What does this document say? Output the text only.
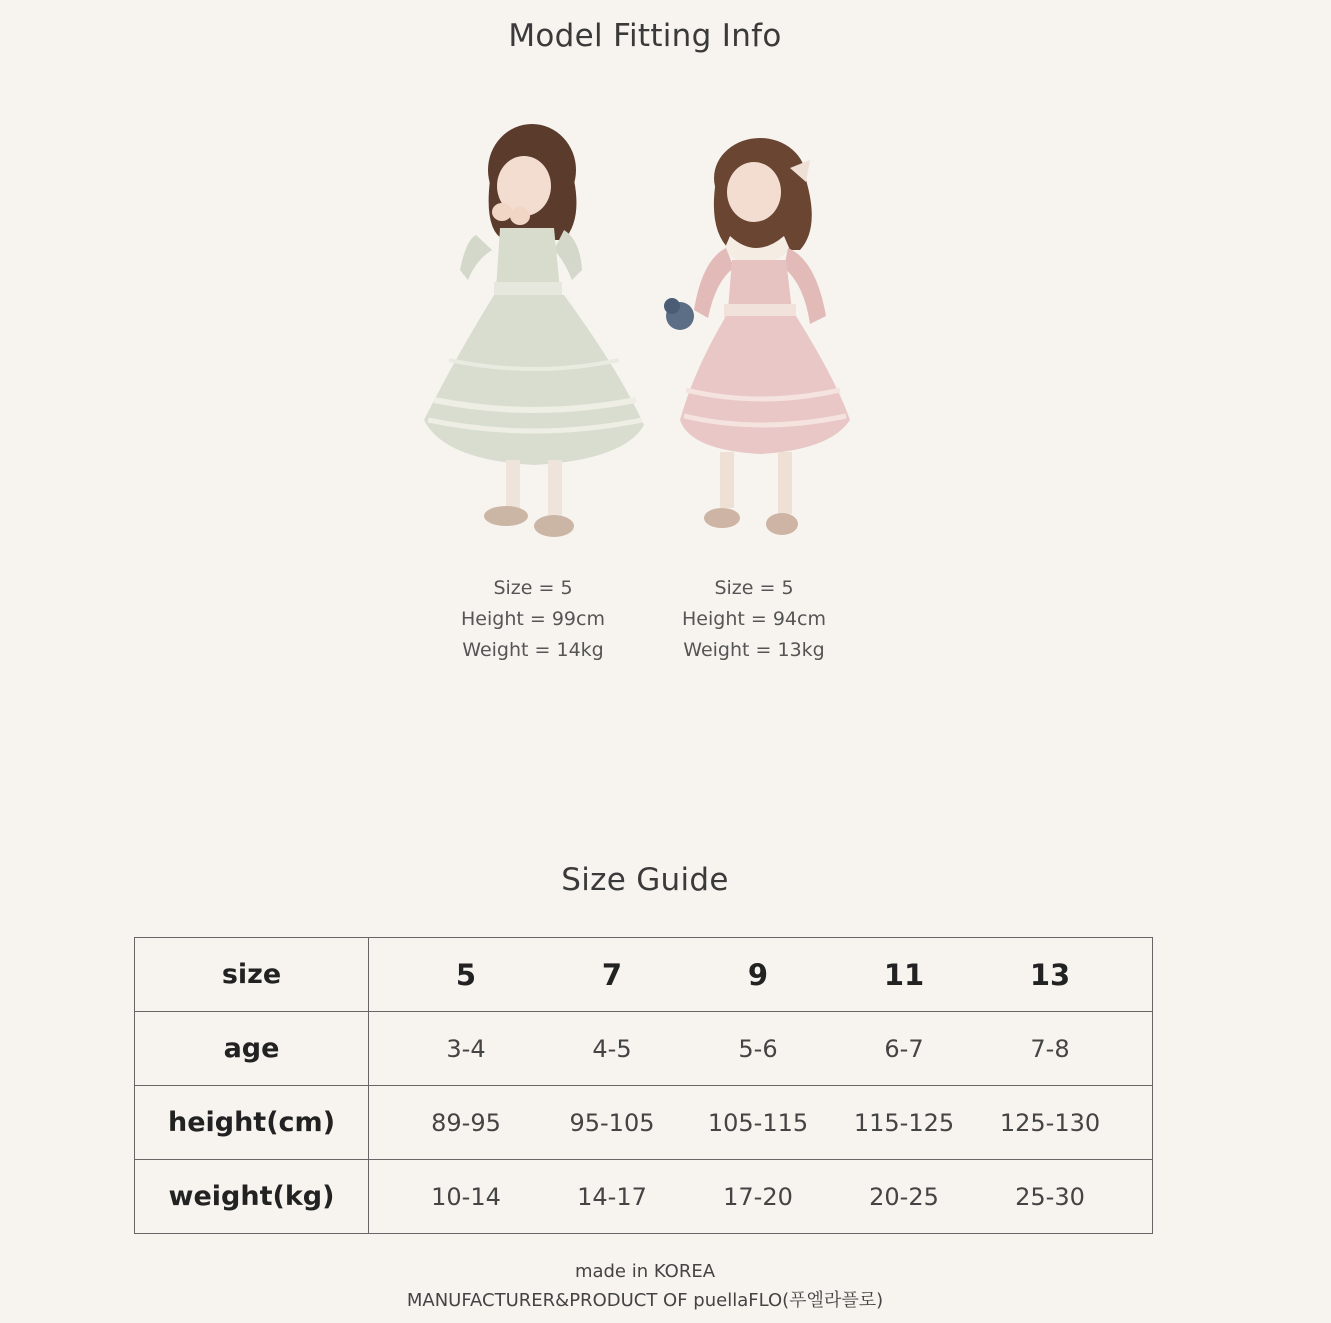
Model Fitting Info
Size = 5
Height = 99cm
Weight = 14kg
Size = 5
Height = 94cm
Weight = 13kg
Size Guide
size	5 7 9 11 13

age	3-4 4-5 5-6 6-7 7-8

height(cm)	89-95 95-105 105-115 115-125 125-130

weight(kg)	10-14 14-17 17-20 20-25 25-30
made in KOREA
MANUFACTURER&PRODUCT OF puellaFLO(푸엘라플로)
